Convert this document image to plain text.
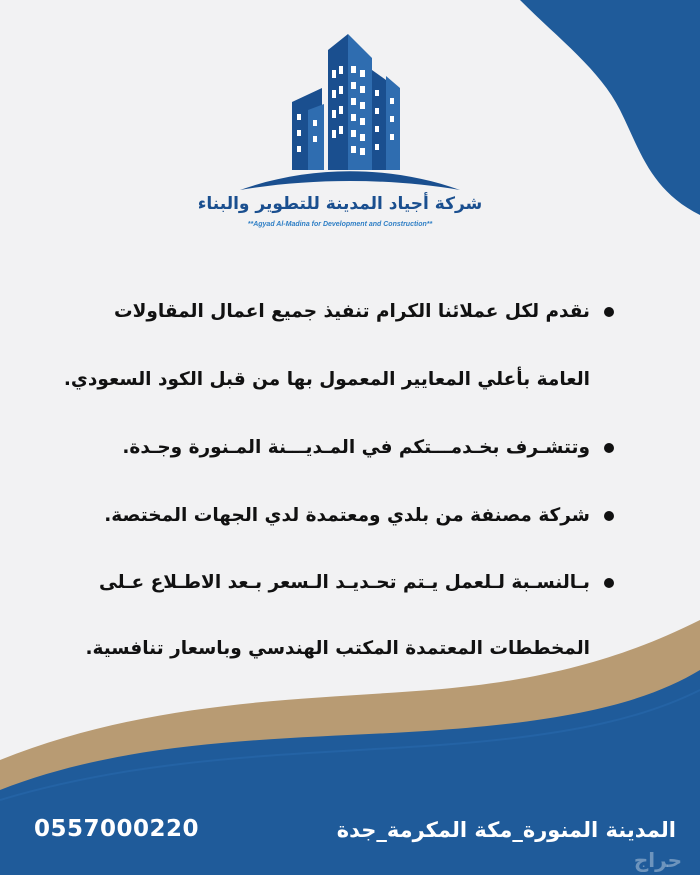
شركة أجياد المدينة للتطوير والبناء
**Agyad Al-Madina for Development and Construction**
نقدم لكل عملائنا الكرام تنفيذ جميع اعمال المقاولات
العامة بأعلي المعايير المعمول بها من قبل الكود السعودي.
وتتشـرف بخـدمـــتكم في المـديـــنة المـنورة وجـدة.
شركة مصنفة من بلدي ومعتمدة لدي الجهات المختصة.
بـالنسـبة لـلعمل يـتم تحـديـد الـسعر بـعد الاطـلاع عـلى
المخططات المعتمدة المكتب الهندسي وباسعار تنافسية.
المدينة المنورة_مكة المكرمة_جدة
0557000220
حراج
